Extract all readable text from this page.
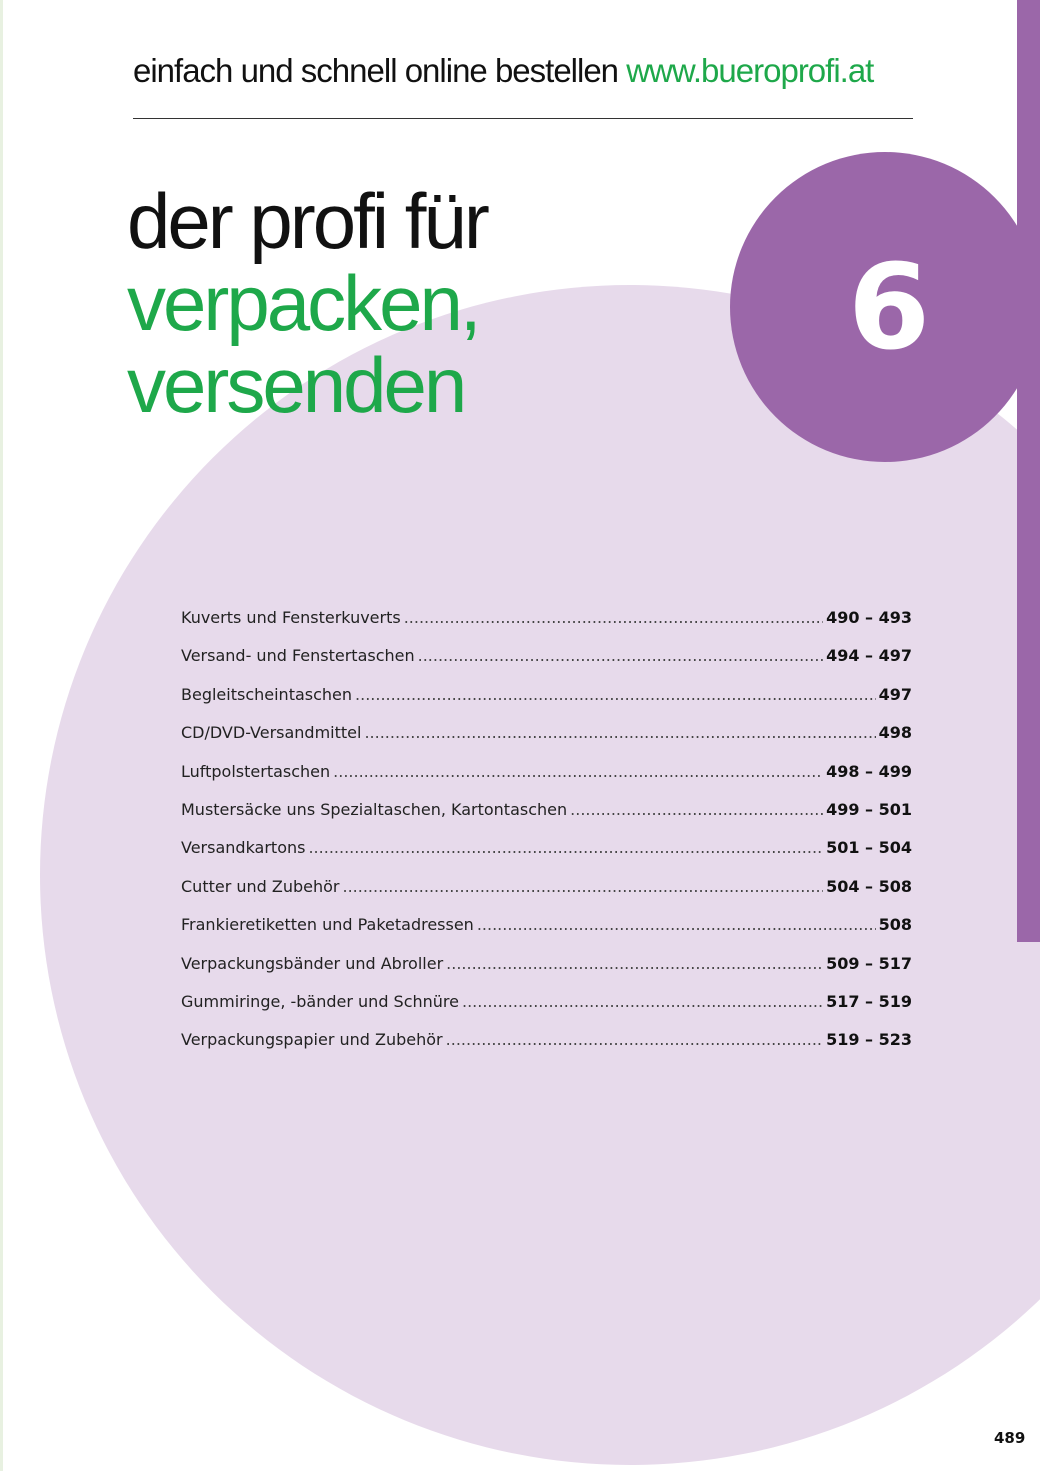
6
einfach und schnell online bestellen www.bueroprofi.at
der profi für
verpacken,
versenden
Kuverts und Fensterkuverts .....	490 – 493
Versand- und Fenstertaschen .....	494 – 497
Begleitscheintaschen .....	497
CD/DVD-Versandmittel .....	498
Luftpolstertaschen .....	498 – 499
Mustersäcke uns Spezialtaschen, Kartontaschen .....	499 – 501
Versandkartons .....	501 – 504
Cutter und Zubehör .....	504 – 508
Frankieretiketten und Paketadressen .....	508
Verpackungsbänder und Abroller .....	509 – 517
Gummiringe, -bänder und Schnüre .....	517 – 519
Verpackungspapier und Zubehör .....	519 – 523
489
